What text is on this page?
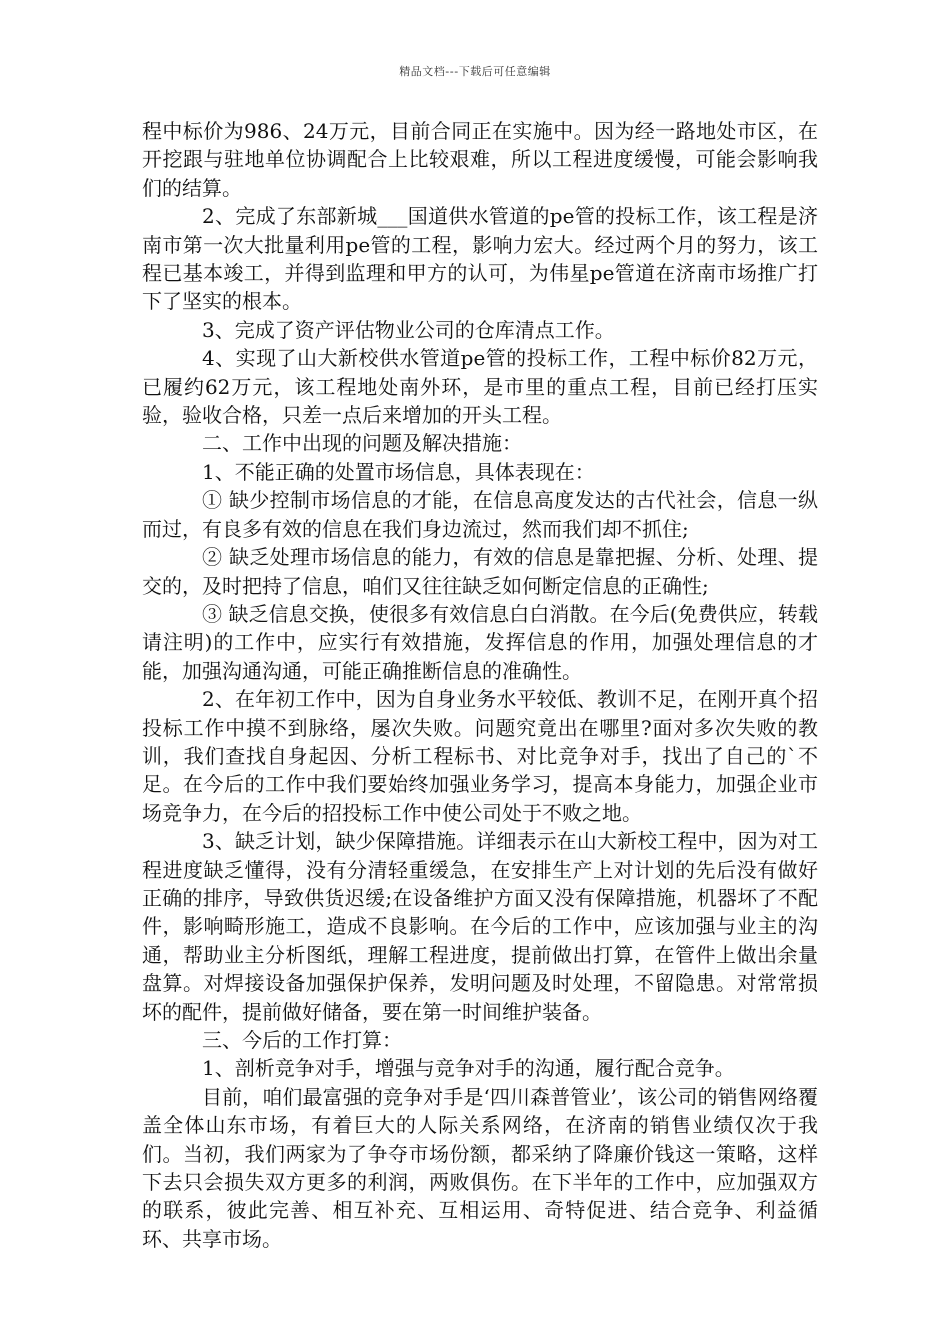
精品文档---下载后可任意编辑

程中标价为986、24万元，目前合同正在实施中。因为经一路地处市区，在开挖跟与驻地单位协调配合上比较艰难，所以工程进度缓慢，可能会影响我们的结算。

2、完成了东部新城___国道供水管道的pe管的投标工作，该工程是济南市第一次大批量利用pe管的工程，影响力宏大。经过两个月的努力，该工程已基本竣工，并得到监理和甲方的认可，为伟星pe管道在济南市场推广打下了坚实的根本。

3、完成了资产评估物业公司的仓库清点工作。

4、实现了山大新校供水管道pe管的投标工作，工程中标价82万元，已履约62万元，该工程地处南外环，是市里的重点工程，目前已经打压实验，验收合格，只差一点后来增加的开头工程。

二、工作中出现的问题及解决措施：

1、不能正确的处置市场信息，具体表现在：

① 缺少控制市场信息的才能，在信息高度发达的古代社会，信息一纵而过，有良多有效的信息在我们身边流过，然而我们却不抓住;

② 缺乏处理市场信息的能力，有效的信息是靠把握、分析、处理、提交的，及时把持了信息，咱们又往往缺乏如何断定信息的正确性;

③ 缺乏信息交换，使很多有效信息白白消散。在今后(免费供应，转载请注明)的工作中，应实行有效措施，发挥信息的作用，加强处理信息的才能，加强沟通沟通，可能正确推断信息的准确性。

2、在年初工作中，因为自身业务水平较低、教训不足，在刚开真个招投标工作中摸不到脉络，屡次失败。问题究竟出在哪里?面对多次失败的教训，我们查找自身起因、分析工程标书、对比竞争对手，找出了自己的`不足。在今后的工作中我们要始终加强业务学习，提高本身能力，加强企业市场竞争力，在今后的招投标工作中使公司处于不败之地。

3、缺乏计划，缺少保障措施。详细表示在山大新校工程中，因为对工程进度缺乏懂得，没有分清轻重缓急，在安排生产上对计划的先后没有做好正确的排序，导致供货迟缓;在设备维护方面又没有保障措施，机器坏了不配件，影响畸形施工，造成不良影响。在今后的工作中，应该加强与业主的沟通，帮助业主分析图纸，理解工程进度，提前做出打算，在管件上做出余量盘算。对焊接设备加强保护保养，发明问题及时处理，不留隐患。对常常损坏的配件，提前做好储备，要在第一时间维护装备。

三、今后的工作打算：

1、剖析竞争对手，增强与竞争对手的沟通，履行配合竞争。

目前，咱们最富强的竞争对手是‘四川森普管业’，该公司的销售网络覆盖全体山东市场，有着巨大的人际关系网络，在济南的销售业绩仅次于我们。当初，我们两家为了争夺市场份额，都采纳了降廉价钱这一策略，这样下去只会损失双方更多的利润，两败俱伤。在下半年的工作中，应加强双方的联系，彼此完善、相互补充、互相运用、奇特促进、结合竞争、利益循环、共享市场。
